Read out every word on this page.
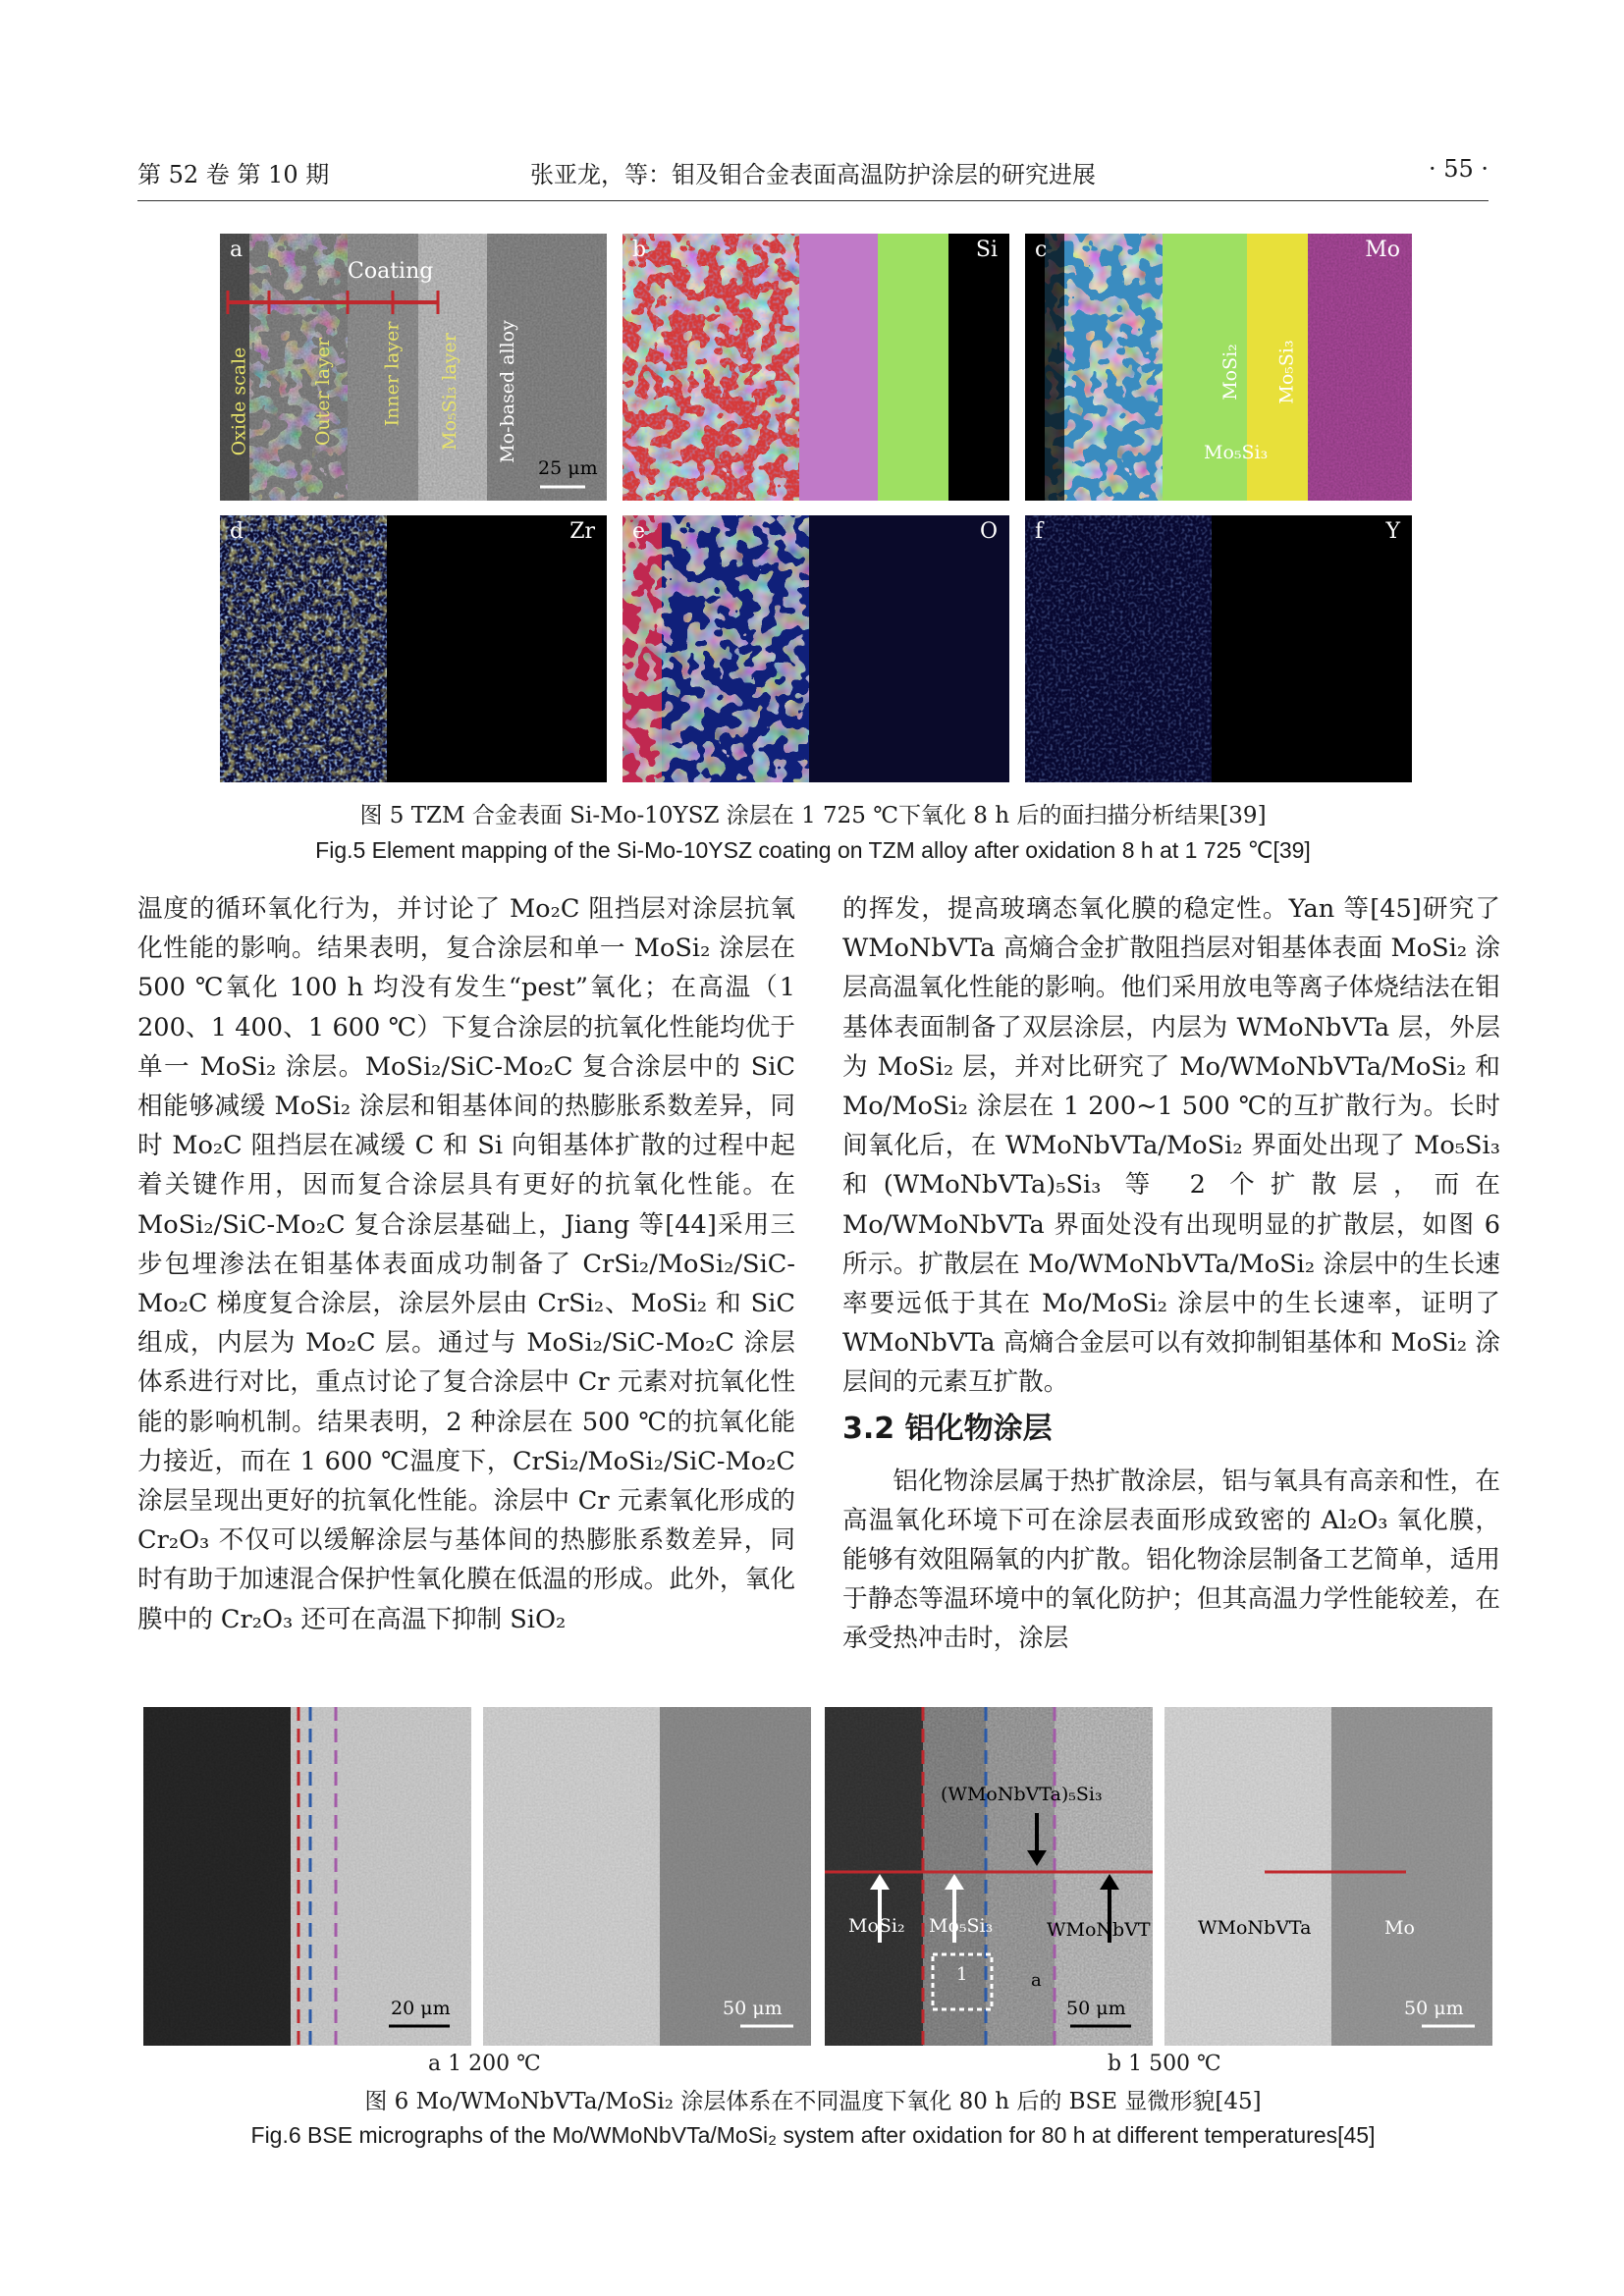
第 52 卷 第 10 期	张亚龙，等：钼及钼合金表面高温防护涂层的研究进展	· 55 ·
a
Coating
Oxide scale	Outer layer	Inner layer Mo₅Si₃ layer Mo-based alloy
25 μm
b	Si c	Mo
MoSi₂ Mo₅Si₃
Mo₅Si₃
d	Zr e	O f	Y
图 5 TZM 合金表面 Si-Mo-10YSZ 涂层在 1 725 ℃下氧化 8 h 后的面扫描分析结果[39]
Fig.5 Element mapping of the Si-Mo-10YSZ coating on TZM alloy after oxidation 8 h at 1 725 ℃[39]

温度的循环氧化行为，并讨论了 Mo₂C 阻挡层对涂层抗氧化性能的影响。结果表明，复合涂层和单一 MoSi₂ 涂层在 500 ℃氧化 100 h 均没有发生“pest”氧化；在高温（1 200、1 400、1 600 ℃）下复合涂层的抗氧化性能均优于单一 MoSi₂ 涂层。MoSi₂/SiC-Mo₂C 复合涂层中的 SiC 相能够减缓 MoSi₂ 涂层和钼基体间的热膨胀系数差异，同时 Mo₂C 阻挡层在减缓 C 和 Si 向钼基体扩散的过程中起着关键作用，因而复合涂层具有更好的抗氧化性能。在 MoSi₂/SiC-Mo₂C 复合涂层基础上，Jiang 等[44]采用三步包埋渗法在钼基体表面成功制备了 CrSi₂/MoSi₂/SiC-Mo₂C 梯度复合涂层，涂层外层由 CrSi₂、MoSi₂ 和 SiC 组成，内层为 Mo₂C 层。通过与 MoSi₂/SiC-Mo₂C 涂层体系进行对比，重点讨论了复合涂层中 Cr 元素对抗氧化性能的影响机制。结果表明，2 种涂层在 500 ℃的抗氧化能力接近，而在 1 600 ℃温度下，CrSi₂/MoSi₂/SiC-Mo₂C 涂层呈现出更好的抗氧化性能。涂层中 Cr 元素氧化形成的 Cr₂O₃ 不仅可以缓解涂层与基体间的热膨胀系数差异，同时有助于加速混合保护性氧化膜在低温的形成。此外，氧化膜中的 Cr₂O₃ 还可在高温下抑制 SiO₂

的挥发，提高玻璃态氧化膜的稳定性。Yan 等[45]研究了 WMoNbVTa 高熵合金扩散阻挡层对钼基体表面 MoSi₂ 涂层高温氧化性能的影响。他们采用放电等离子体烧结法在钼基体表面制备了双层涂层，内层为 WMoNbVTa 层，外层为 MoSi₂ 层，并对比研究了 Mo/WMoNbVTa/MoSi₂ 和 Mo/MoSi₂ 涂层在 1 200~1 500 ℃的互扩散行为。长时间氧化后，在 WMoNbVTa/MoSi₂ 界面处出现了 Mo₅Si₃ 和(WMoNbVTa)₅Si₃ 等 2 个扩散层，而在 Mo/WMoNbVTa 界面处没有出现明显的扩散层，如图 6 所示。扩散层在 Mo/WMoNbVTa/MoSi₂ 涂层中的生长速率要远低于其在 Mo/MoSi₂ 涂层中的生长速率，证明了 WMoNbVTa 高熵合金层可以有效抑制钼基体和 MoSi₂ 涂层间的元素互扩散。

3.2 铝化物涂层

铝化物涂层属于热扩散涂层，铝与氧具有高亲和性，在高温氧化环境下可在涂层表面形成致密的 Al₂O₃ 氧化膜，能够有效阻隔氧的内扩散。铝化物涂层制备工艺简单，适用于静态等温环境中的氧化防护；但其高温力学性能较差，在承受热冲击时，涂层

20 μm	50 μm
(WMoNbVTa)₅Si₃
MoSi₂ Mo₅Si₃	WMoNbVT
1	a
50 μm
WMoNbVTa	Mo
50 μm
a 1 200 ℃	b 1 500 ℃
图 6 Mo/WMoNbVTa/MoSi₂ 涂层体系在不同温度下氧化 80 h 后的 BSE 显微形貌[45]
Fig.6 BSE micrographs of the Mo/WMoNbVTa/MoSi₂ system after oxidation for 80 h at different temperatures[45]
